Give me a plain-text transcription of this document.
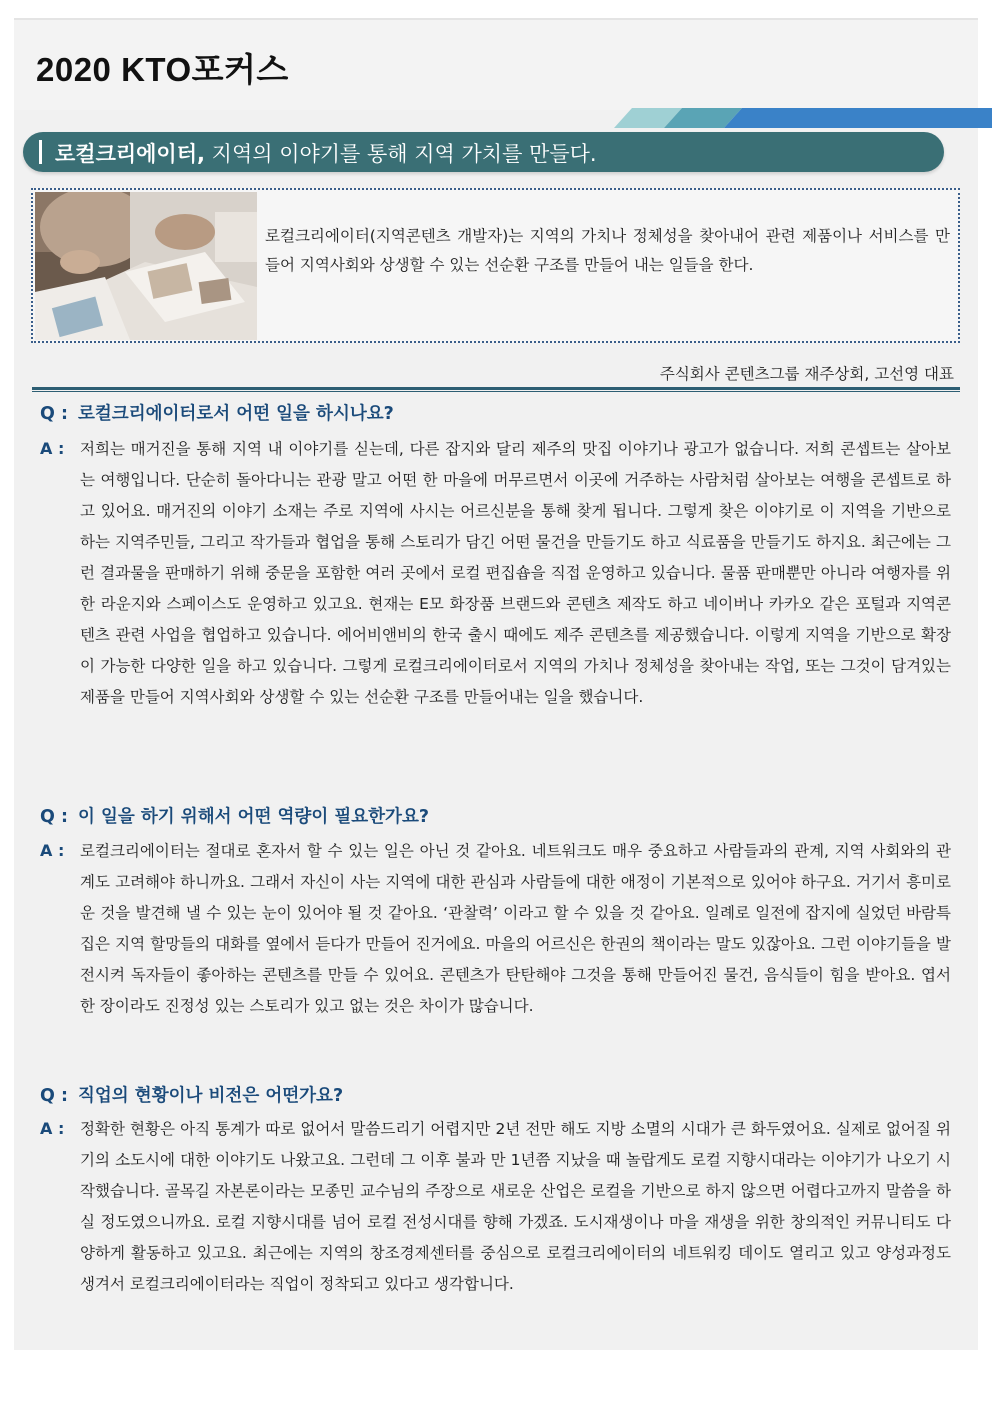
2020 KTO포커스
로컬크리에이터, 지역의 이야기를 통해 지역 가치를 만들다.
로컬크리에이터(지역콘텐츠 개발자)는 지역의 가치나 정체성을 찾아내어 관련 제품이나 서비스를 만들어 지역사회와 상생할 수 있는 선순환 구조를 만들어 내는 일들을 한다.
주식회사 콘텐츠그룹 재주상회, 고선영 대표
Q : 로컬크리에이터로서 어떤 일을 하시나요?
A : 저희는 매거진을 통해 지역 내 이야기를 싣는데, 다른 잡지와 달리 제주의 맛집 이야기나 광고가 없습니다. 저희 콘셉트는 살아보는 여행입니다. 단순히 돌아다니는 관광 말고 어떤 한 마을에 머무르면서 이곳에 거주하는 사람처럼 살아보는 여행을 콘셉트로 하고 있어요. 매거진의 이야기 소재는 주로 지역에 사시는 어르신분을 통해 찾게 됩니다. 그렇게 찾은 이야기로 이 지역을 기반으로 하는 지역주민들, 그리고 작가들과 협업을 통해 스토리가 담긴 어떤 물건을 만들기도 하고 식료품을 만들기도 하지요. 최근에는 그런 결과물을 판매하기 위해 중문을 포함한 여러 곳에서 로컬 편집숍을 직접 운영하고 있습니다. 물품 판매뿐만 아니라 여행자를 위한 라운지와 스페이스도 운영하고 있고요. 현재는 E모 화장품 브랜드와 콘텐츠 제작도 하고 네이버나 카카오 같은 포털과 지역콘텐츠 관련 사업을 협업하고 있습니다. 에어비앤비의 한국 출시 때에도 제주 콘텐츠를 제공했습니다. 이렇게 지역을 기반으로 확장이 가능한 다양한 일을 하고 있습니다. 그렇게 로컬크리에이터로서 지역의 가치나 정체성을 찾아내는 작업, 또는 그것이 담겨있는 제품을 만들어 지역사회와 상생할 수 있는 선순환 구조를 만들어내는 일을 했습니다.
Q : 이 일을 하기 위해서 어떤 역량이 필요한가요?
A : 로컬크리에이터는 절대로 혼자서 할 수 있는 일은 아닌 것 같아요. 네트워크도 매우 중요하고 사람들과의 관계, 지역 사회와의 관계도 고려해야 하니까요. 그래서 자신이 사는 지역에 대한 관심과 사람들에 대한 애정이 기본적으로 있어야 하구요. 거기서 흥미로운 것을 발견해 낼 수 있는 눈이 있어야 될 것 같아요. ‘관찰력’ 이라고 할 수 있을 것 같아요. 일례로 일전에 잡지에 실었던 바람특집은 지역 할망들의 대화를 옆에서 듣다가 만들어 진거에요. 마을의 어르신은 한권의 책이라는 말도 있잖아요. 그런 이야기들을 발전시켜 독자들이 좋아하는 콘텐츠를 만들 수 있어요. 콘텐츠가 탄탄해야 그것을 통해 만들어진 물건, 음식들이 힘을 받아요. 엽서 한 장이라도 진정성 있는 스토리가 있고 없는 것은 차이가 많습니다.
Q : 직업의 현황이나 비전은 어떤가요?
A : 정확한 현황은 아직 통계가 따로 없어서 말씀드리기 어렵지만 2년 전만 해도 지방 소멸의 시대가 큰 화두였어요. 실제로 없어질 위기의 소도시에 대한 이야기도 나왔고요. 그런데 그 이후 불과 만 1년쯤 지났을 때 놀랍게도 로컬 지향시대라는 이야기가 나오기 시작했습니다. 골목길 자본론이라는 모종민 교수님의 주장으로 새로운 산업은 로컬을 기반으로 하지 않으면 어렵다고까지 말씀을 하실 정도였으니까요. 로컬 지향시대를 넘어 로컬 전성시대를 향해 가겠죠. 도시재생이나 마을 재생을 위한 창의적인 커뮤니티도 다양하게 활동하고 있고요. 최근에는 지역의 창조경제센터를 중심으로 로컬크리에이터의 네트워킹 데이도 열리고 있고 양성과정도 생겨서 로컬크리에이터라는 직업이 정착되고 있다고 생각합니다.
